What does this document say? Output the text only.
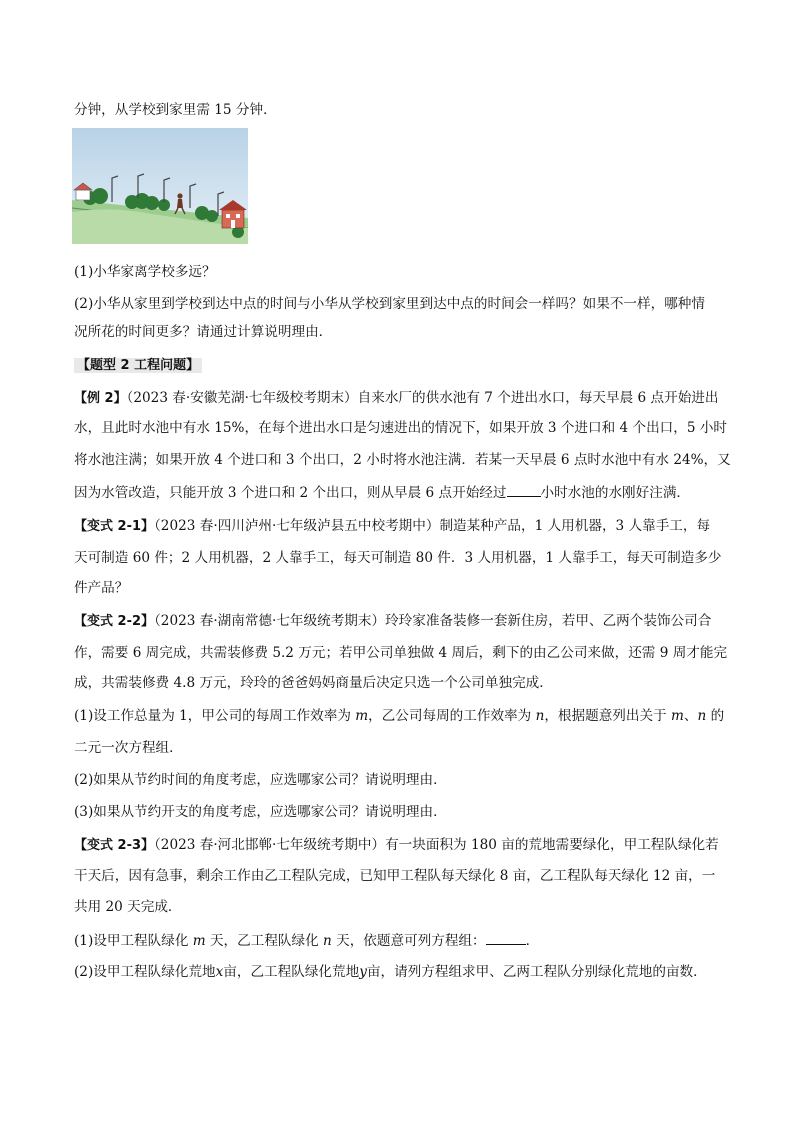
分钟，从学校到家里需 15 分钟．
(1)小华家离学校多远？
(2)小华从家里到学校到达中点的时间与小华从学校到家里到达中点的时间会一样吗？如果不一样，哪种情
况所花的时间更多？请通过计算说明理由．
【题型 2 工程问题】
【例 2】（2023 春·安徽芜湖·七年级校考期末）自来水厂的供水池有 7 个进出水口，每天早晨 6 点开始进出
水，且此时水池中有水 15%，在每个进出水口是匀速进出的情况下，如果开放 3 个进口和 4 个出口，5 小时
将水池注满；如果开放 4 个进口和 3 个出口，2 小时将水池注满．若某一天早晨 6 点时水池中有水 24%，又
因为水管改造，只能开放 3 个进口和 2 个出口，则从早晨 6 点开始经过	小时水池的水刚好注满．
【变式 2-1】（2023 春·四川泸州·七年级泸县五中校考期中）制造某种产品，1 人用机器，3 人靠手工，每
天可制造 60 件；2 人用机器，2 人靠手工，每天可制造 80 件．3 人用机器，1 人靠手工，每天可制造多少
件产品？
【变式 2-2】（2023 春·湖南常德·七年级统考期末）玲玲家准备装修一套新住房，若甲、乙两个装饰公司合
作，需要 6 周完成，共需装修费 5.2 万元；若甲公司单独做 4 周后，剩下的由乙公司来做，还需 9 周才能完
成，共需装修费 4.8 万元，玲玲的爸爸妈妈商量后决定只选一个公司单独完成．
(1)设工作总量为 1，甲公司的每周工作效率为 m，乙公司每周的工作效率为 n，根据题意列出关于 m、n 的
二元一次方程组．
(2)如果从节约时间的角度考虑，应选哪家公司？请说明理由．
(3)如果从节约开支的角度考虑，应选哪家公司？请说明理由．
【变式 2-3】（2023 春·河北邯郸·七年级统考期中）有一块面积为 180 亩的荒地需要绿化，甲工程队绿化若
干天后，因有急事，剩余工作由乙工程队完成，已知甲工程队每天绿化 8 亩，乙工程队每天绿化 12 亩，一
共用 20 天完成．
(1)设甲工程队绿化 m 天，乙工程队绿化 n 天，依题意可列方程组：	．
(2)设甲工程队绿化荒地x亩，乙工程队绿化荒地y亩，请列方程组求甲、乙两工程队分别绿化荒地的亩数．
